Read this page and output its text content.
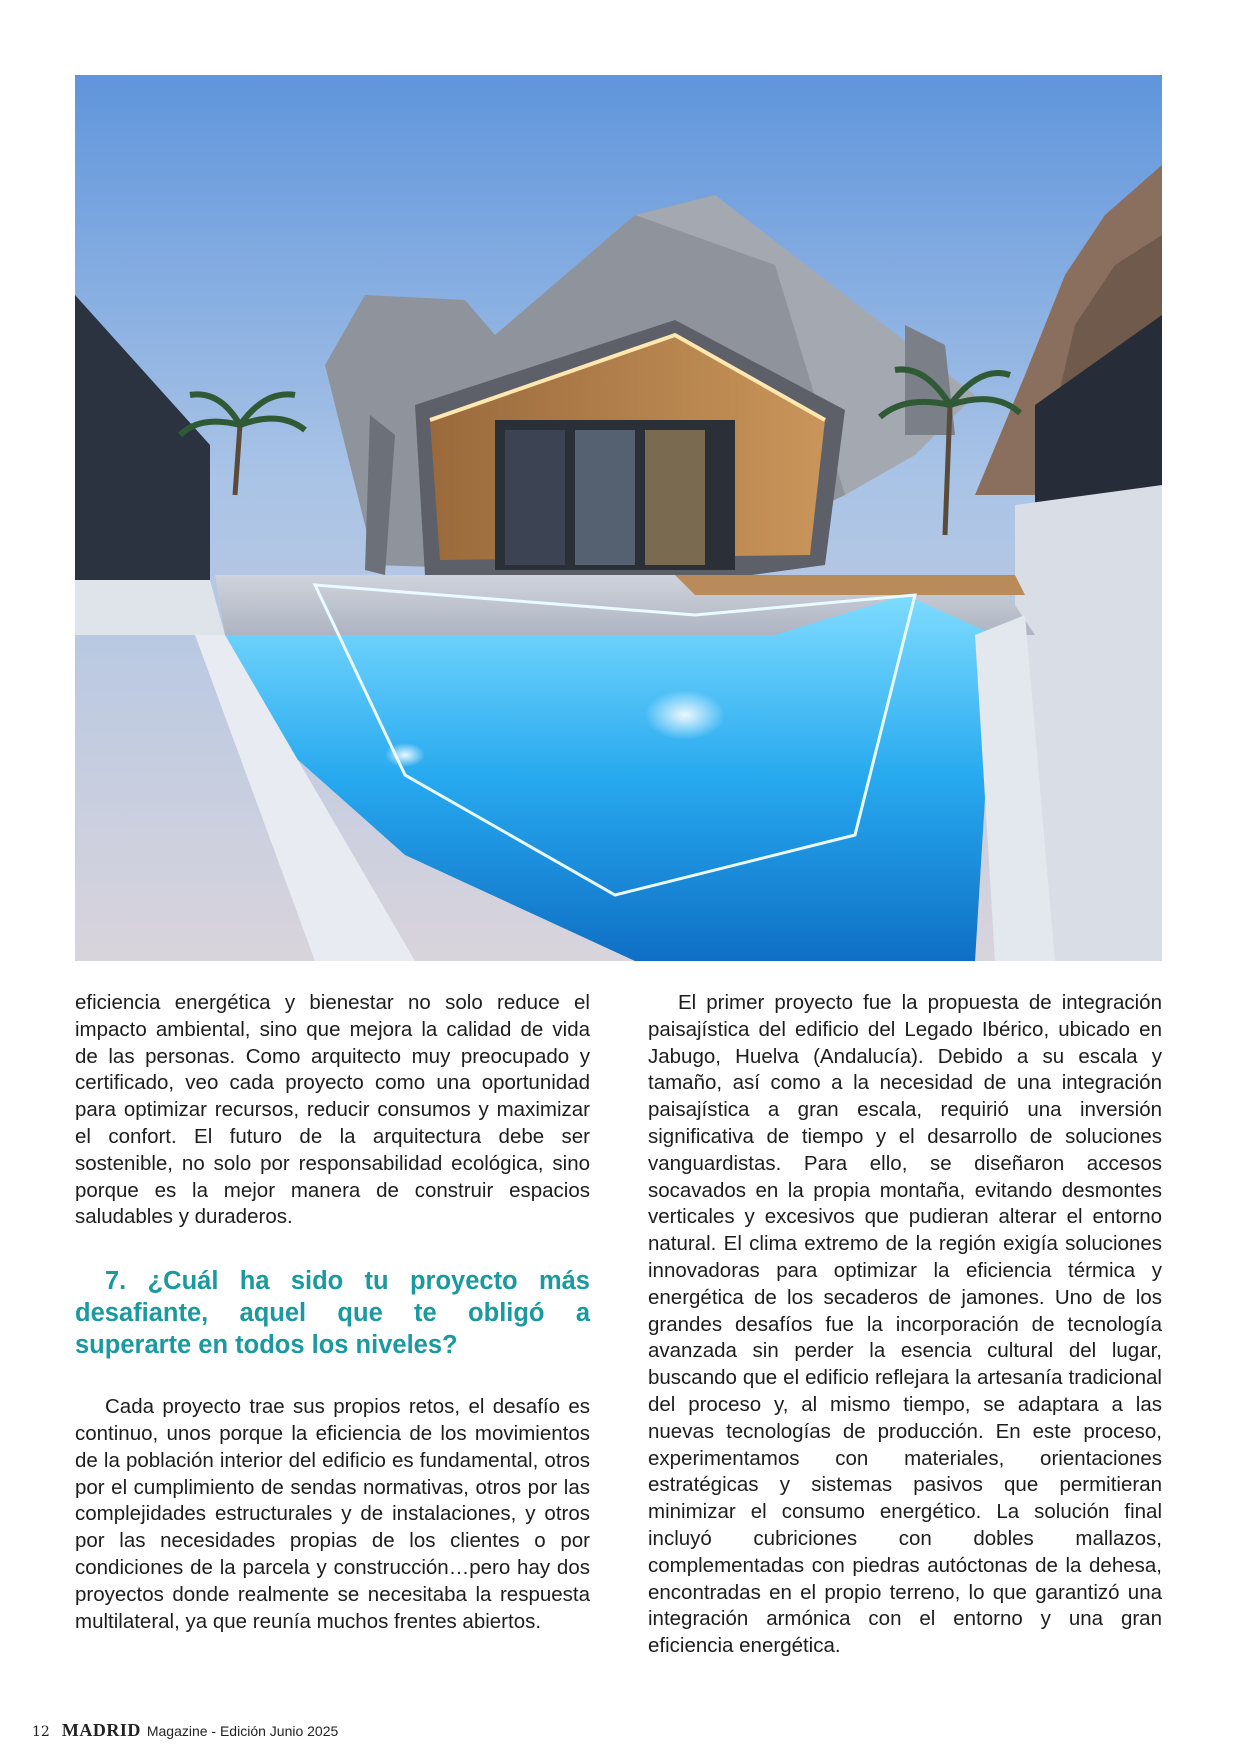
eficiencia energética y bienestar no solo reduce el impacto ambiental, sino que mejora la calidad de vida de las personas. Como arquitecto muy preocupado y certificado, veo cada proyecto como una oportunidad para optimizar recursos, reducir consumos y maximizar el confort. El futuro de la arquitectura debe ser sostenible, no solo por responsabilidad ecológica, sino porque es la mejor manera de construir espacios saludables y duraderos.

7. ¿Cuál ha sido tu proyecto más desafiante, aquel que te obligó a superarte en todos los niveles?

Cada proyecto trae sus propios retos, el desafío es continuo, unos porque la eficiencia de los movimientos de la población interior del edificio es fundamental, otros por el cumplimiento de sendas normativas, otros por las complejidades estructurales y de instalaciones, y otros por las necesidades propias de los clientes o por condiciones de la parcela y construcción…pero hay dos proyectos donde realmente se necesitaba la respuesta multilateral, ya que reunía muchos frentes abiertos.

El primer proyecto fue la propuesta de integración paisajística del edificio del Legado Ibérico, ubicado en Jabugo, Huelva (Andalucía). Debido a su escala y tamaño, así como a la necesidad de una integración paisajística a gran escala, requirió una inversión significativa de tiempo y el desarrollo de soluciones vanguardistas. Para ello, se diseñaron accesos socavados en la propia montaña, evitando desmontes verticales y excesivos que pudieran alterar el entorno natural. El clima extremo de la región exigía soluciones innovadoras para optimizar la eficiencia térmica y energética de los secaderos de jamones. Uno de los grandes desafíos fue la incorporación de tecnología avanzada sin perder la esencia cultural del lugar, buscando que el edificio reflejara la artesanía tradicional del proceso y, al mismo tiempo, se adaptara a las nuevas tecnologías de producción. En este proceso, experimentamos con materiales, orientaciones estratégicas y sistemas pasivos que permitieran minimizar el consumo energético. La solución final incluyó cubriciones con dobles mallazos, complementadas con piedras autóctonas de la dehesa, encontradas en el propio terreno, lo que garantizó una integración armónica con el entorno y una gran eficiencia energética.

12 MADRID Magazine - Edición Junio 2025
